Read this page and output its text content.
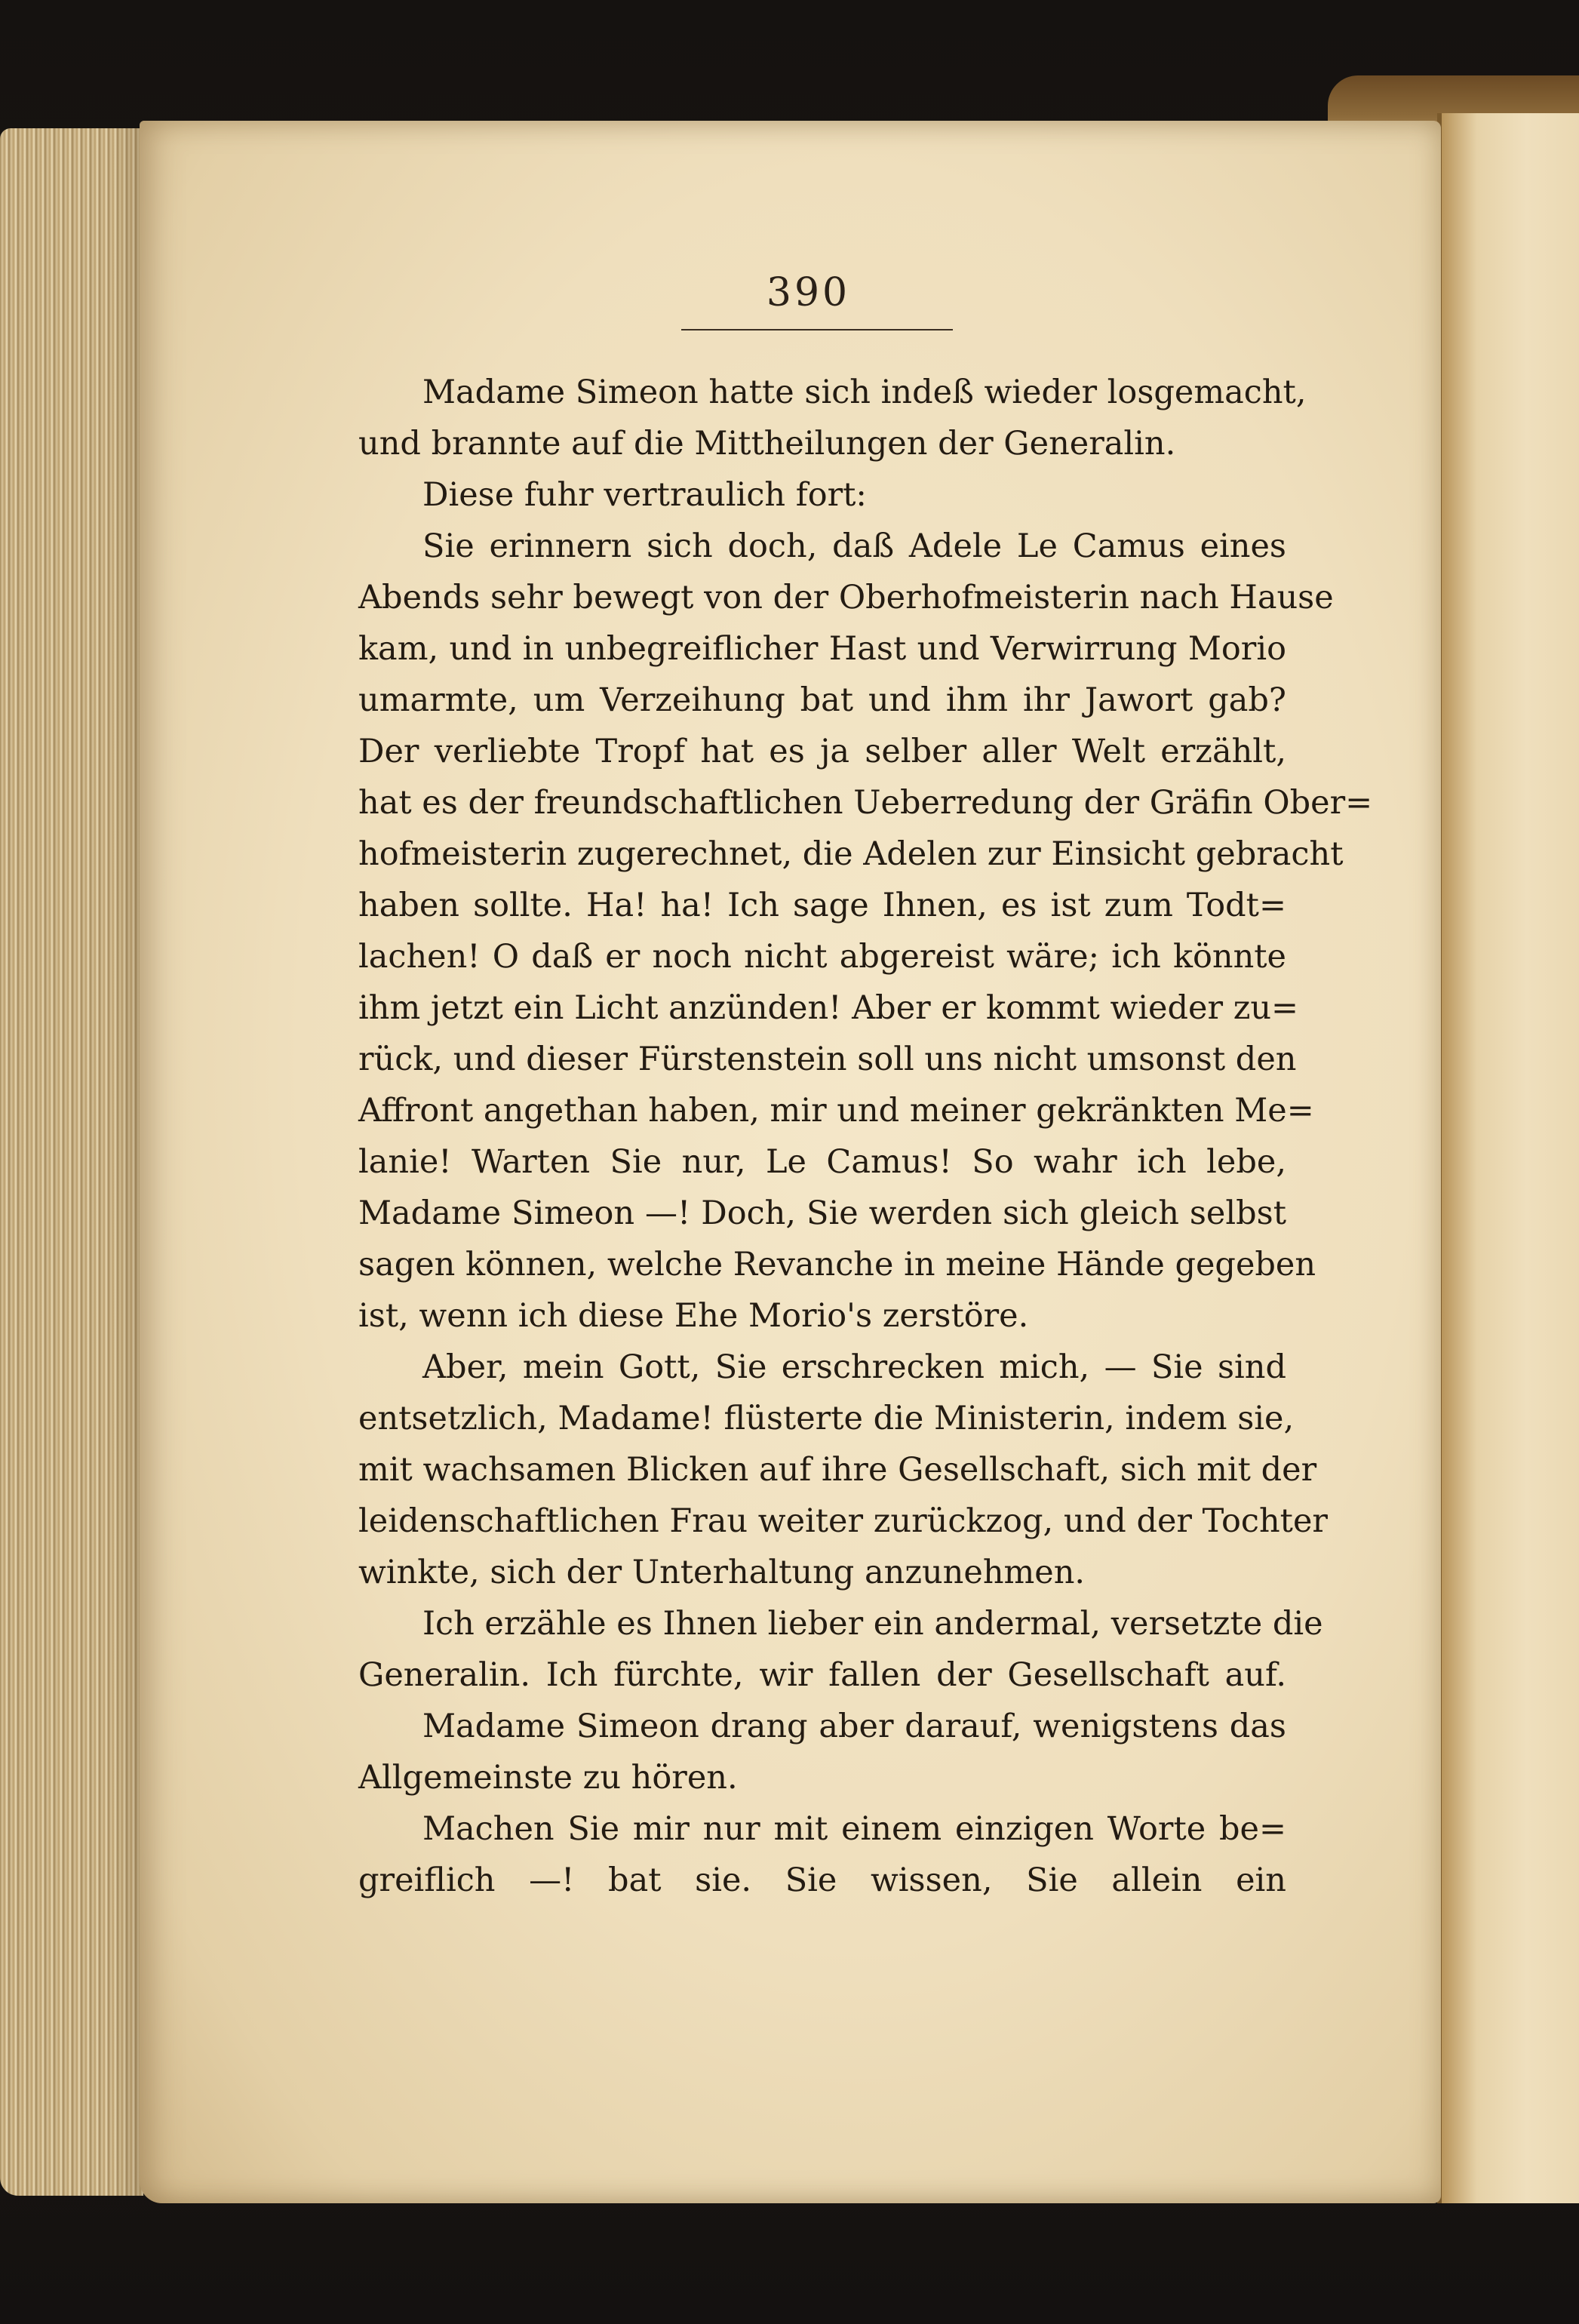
390
Madame Simeon hatte sich indeß wieder losgemacht,
und brannte auf die Mittheilungen der Generalin.
Diese fuhr vertraulich fort:
Sie erinnern sich doch, daß Adele Le Camus eines
Abends sehr bewegt von der Oberhofmeisterin nach Hause
kam, und in unbegreiflicher Hast und Verwirrung Morio
umarmte, um Verzeihung bat und ihm ihr Jawort gab?
Der verliebte Tropf hat es ja selber aller Welt erzählt,
hat es der freundschaftlichen Ueberredung der Gräfin Ober=
hofmeisterin zugerechnet, die Adelen zur Einsicht gebracht
haben sollte. Ha! ha! Ich sage Ihnen, es ist zum Todt=
lachen! O daß er noch nicht abgereist wäre; ich könnte
ihm jetzt ein Licht anzünden! Aber er kommt wieder zu=
rück, und dieser Fürstenstein soll uns nicht umsonst den
Affront angethan haben, mir und meiner gekränkten Me=
lanie! Warten Sie nur, Le Camus! So wahr ich lebe,
Madame Simeon —! Doch, Sie werden sich gleich selbst
sagen können, welche Revanche in meine Hände gegeben
ist, wenn ich diese Ehe Morio's zerstöre.
Aber, mein Gott, Sie erschrecken mich, — Sie sind
entsetzlich, Madame! flüsterte die Ministerin, indem sie,
mit wachsamen Blicken auf ihre Gesellschaft, sich mit der
leidenschaftlichen Frau weiter zurückzog, und der Tochter
winkte, sich der Unterhaltung anzunehmen.
Ich erzähle es Ihnen lieber ein andermal, versetzte die
Generalin. Ich fürchte, wir fallen der Gesellschaft auf.
Madame Simeon drang aber darauf, wenigstens das
Allgemeinste zu hören.
Machen Sie mir nur mit einem einzigen Worte be=
greiflich —! bat sie. Sie wissen, Sie allein ein
